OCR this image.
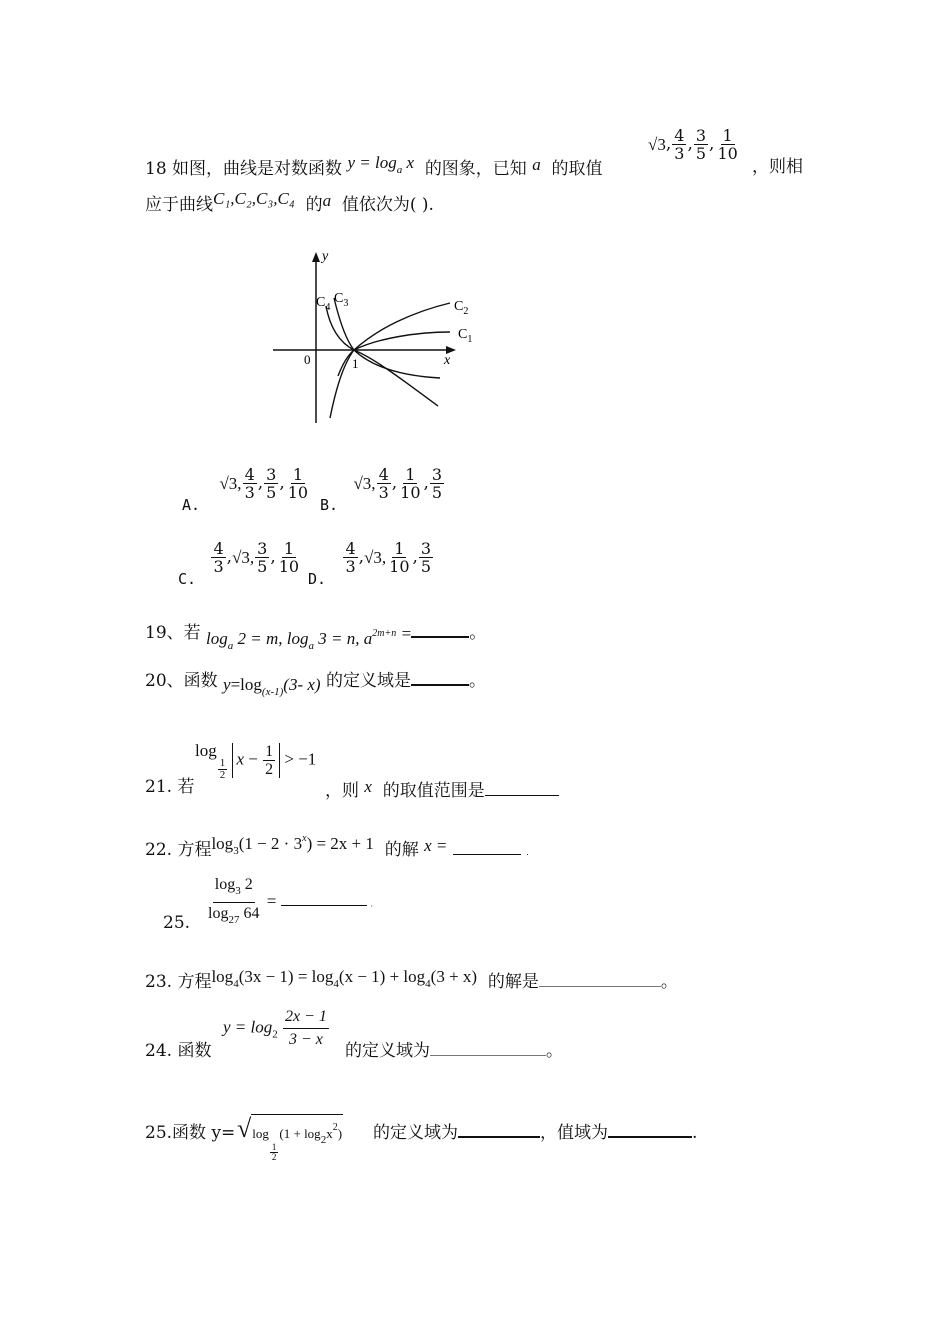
18 如图，曲线是对数函数 $y = \log_a x$ 的图象，已知 a 的取值
√3, $\frac{4}{3}$ , $\frac{3}{5}$ , $\frac{1}{10}$
，则相
应于曲线C₁,C₂,C₃,C₄ 的a 值依次为( ).
y
x
0	1
$C_4$
$C_3$	$C_2$
$C_1$
A. √3, $\frac{4}{3}$ , $\frac{3}{5}$ , $\frac{1}{10}$
B. √3, $\frac{4}{3}$ , $\frac{1}{10}$ , $\frac{3}{5}$
C.
$\frac{4}{3} ,√3$, $\frac{3}{5}$ , $\frac{1}{10}$
D.
$\frac{4}{3} ,√3$, $\frac{1}{10}$ , $\frac{3}{5}$
19、若 $\log_a 2 = m$, $\log_a 3 = n$, $a^{2m+n}$ =	。
20、函数 $y=\log_{(x-1)}(3-$ x) 的定义域是	。
21. 若
log
$\frac{1}{2}$ $x - \frac{1}{2} > -1$
，则 x 的取值范围是
22. 方程$\log_3(1 - 2 \cdot 3^x) = 2x + 1$ 的解 x =	.
25. $\frac{\log_3 2}{\log_{27} 64}$ =	.
23. 方程$\log_4(3x - 1) = \log_4(x - 1) + \log_4(3 + x)$ 的解是	。
24. 函数
$y = \log_2 \frac{2x - 1}{3 - x}$ 的定义域为	。
25.函数 y= √ log
$\frac{1}{2}$
$(1 + \log_2x^2)$ 的定义域为	，值域为	.
